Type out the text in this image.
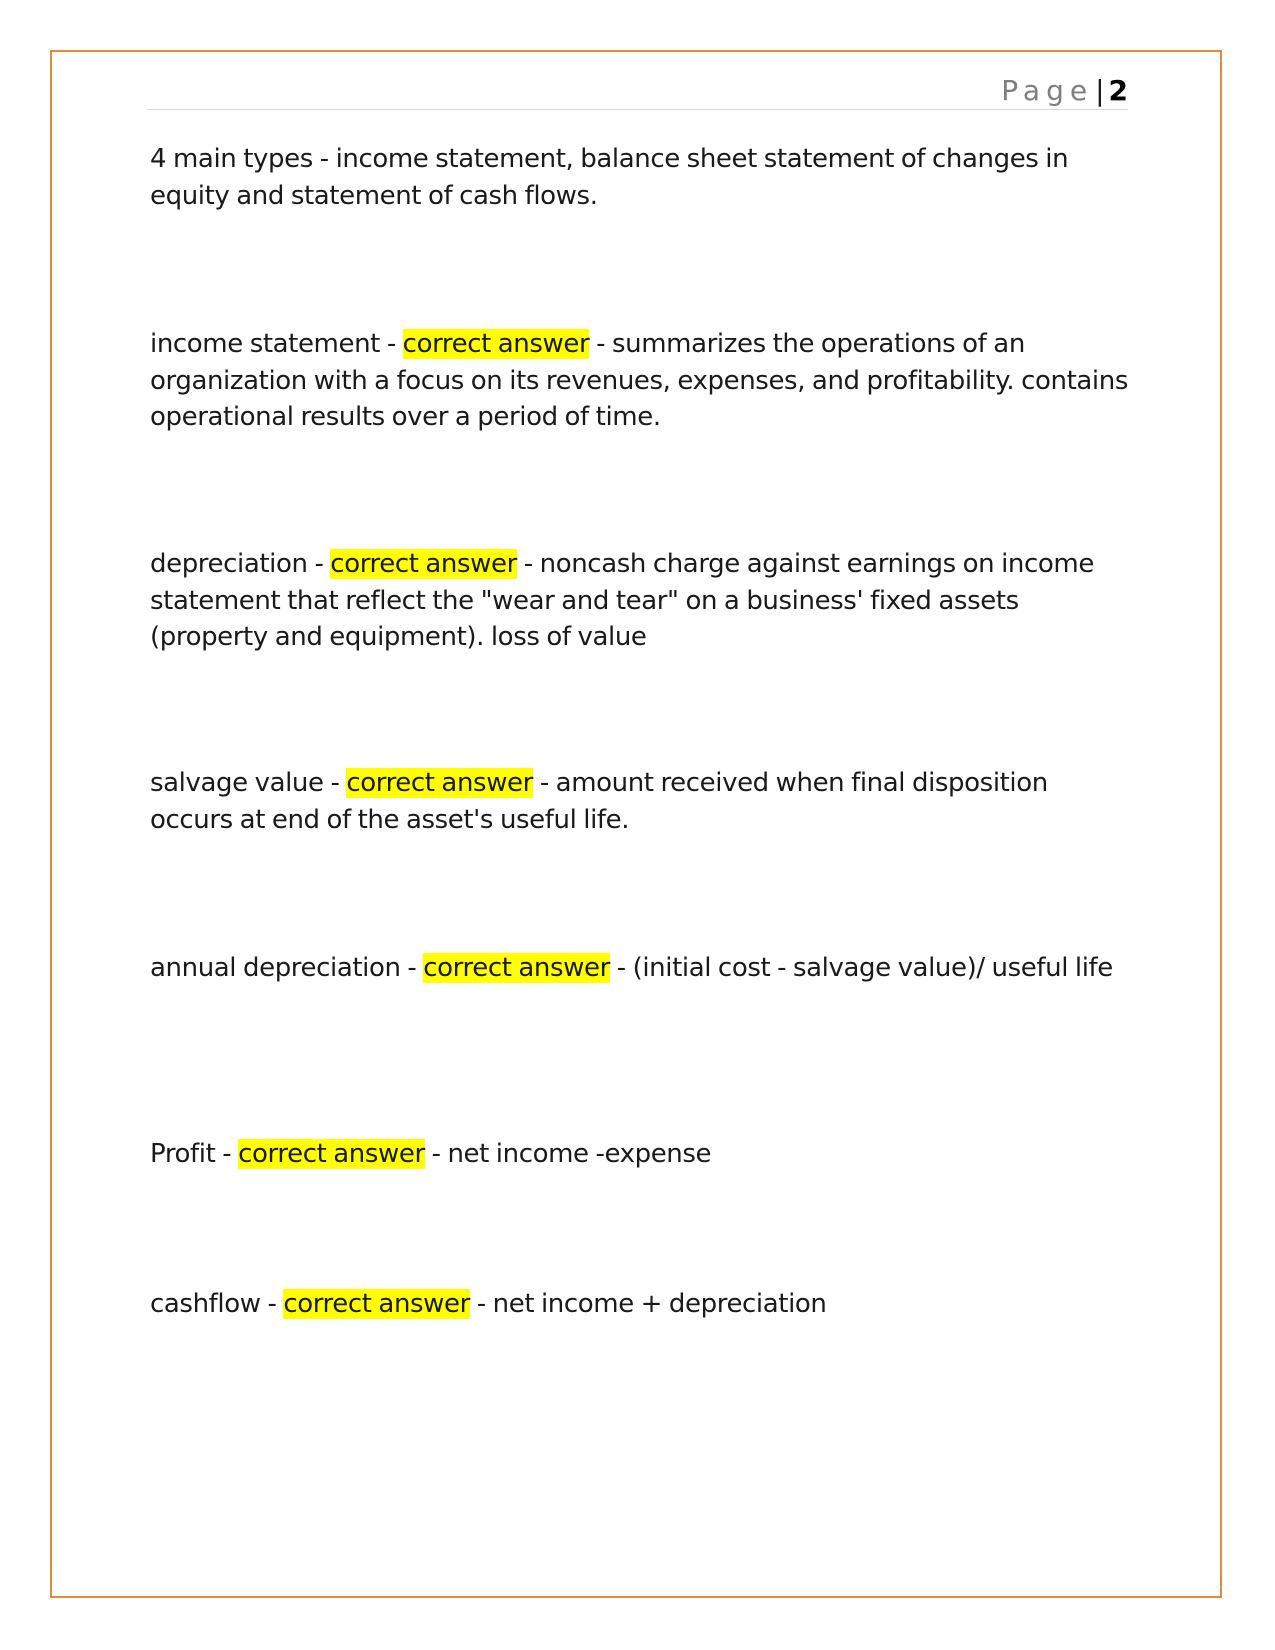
Page| 2

4 main types - income statement, balance sheet statement of changes in equity and statement of cash flows.

income statement - correct answer - summarizes the operations of an organization with a focus on its revenues, expenses, and profitability. contains operational results over a period of time.

depreciation - correct answer - noncash charge against earnings on income statement that reflect the "wear and tear" on a business' fixed assets (property and equipment). loss of value

salvage value - correct answer - amount received when final disposition occurs at end of the asset's useful life.

annual depreciation - correct answer - (initial cost - salvage value)/ useful life

Profit - correct answer - net income -expense

cashflow - correct answer - net income + depreciation
